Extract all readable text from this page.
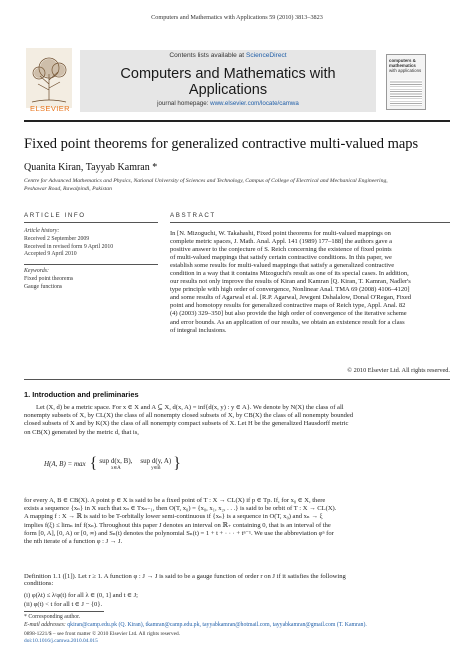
Computers and Mathematics with Applications 59 (2010) 3813–3823
ELSEVIER
Contents lists available at ScienceDirect
Computers and Mathematics with Applications
journal homepage: www.elsevier.com/locate/camwa
computers & mathematics
with applications
Fixed point theorems for generalized contractive multi-valued maps
Quanita Kiran, Tayyab Kamran *
Centre for Advanced Mathematics and Physics, National University of Sciences and Technology, Campus of College of Electrical and Mechanical Engineering,
Peshawar Road, Rawalpindi, Pakistan
ARTICLE INFO
Article history:
Received 2 September 2009
Received in revised form 9 April 2010
Accepted 9 April 2010
Keywords:
Fixed point theorems
Gauge functions
ABSTRACT
In [N. Mizoguchi, W. Takahashi, Fixed point theorems for multi-valued mappings on
complete metric spaces, J. Math. Anal. Appl. 141 (1989) 177–188] the authors gave a
positive answer to the conjecture of S. Reich concerning the existence of fixed points
of multi-valued mappings that satisfy certain contractive conditions. In this paper, we
establish some results for multi-valued mappings that satisfy a generalized contractive
condition in a way that it contains Mizoguchi's result as one of its special cases. In addition,
our results not only improve the results of Kiran and Kamran [Q. Kiran, T. Kamran, Nadler's
type principle with high order of convergence, Nonlinear Anal. TMA 69 (2008) 4106–4120]
and some results of Agarwal et al. [R.P. Agarwal, Jewgeni Dshalalow, Donal O'Regan, Fixed
point and homotopy results for generalized contractive maps of Reich type, Appl. Anal. 82
(4) (2003) 329–350] but also provide the high order of convergence of the iterative scheme
and error bounds. As an application of our results, we obtain an existence result for a class
of integral inclusions.
© 2010 Elsevier Ltd. All rights reserved.
1. Introduction and preliminaries
Let (X, d) be a metric space. For x ∈ X and A ⊆ X, d(x, A) = inf{d(x, y) : y ∈ A}. We denote by N(X) the class of all
nonempty subsets of X, by CL(X) the class of all nonempty closed subsets of X, by CB(X) the class of all nonempty bounded
closed subsets of X and by K(X) the class of all nonempty compact subsets of X. Let H be the generalized Hausdorff metric
on CB(X) generated by the metric d, that is,
H(A, B) = max { sup d(x, B),
x∈A
sup d(y, A)
y∈B }
for every A, B ∈ CB(X). A point p ∈ X is said to be a fixed point of T : X → CL(X) if p ∈ Tp. If, for x₀ ∈ X, there
exists a sequence {xₙ} in X such that xₙ ∈ Txₙ₋₁, then O(T, x₀) = {x₀, x₁, x₂, . . .} is said to be orbit of T : X → CL(X).
A mapping f : X → ℝ is said to be T-orbitally lower semi-continuous if {xₙ} is a sequence in O(T, x₀) and xₙ → ξ
implies f(ξ) ≤ limₙ inf f(xₙ). Throughout this paper J denotes an interval on ℝ₊ containing 0, that is an interval of the
form [0, A], [0, A) or [0, ∞) and Sₙ(t) denotes the polynomial Sₙ(t) = 1 + t + · · · + tⁿ⁻¹. We use the abbreviation φⁿ for
the nth iterate of a function φ : J → J.
Definition 1.1 ([1]). Let r ≥ 1. A function φ : J → J is said to be a gauge function of order r on J if it satisfies the following
conditions:
(i) φ(λt) ≤ λʳφ(t) for all λ ∈ (0, 1] and t ∈ J;
(ii) φ(t) < t for all t ∈ J − {0}.
* Corresponding author.
E-mail addresses: qkiran@camp.edu.pk (Q. Kiran), tkamran@camp.edu.pk, tayyabkamran@hotmail.com, tayyabkamran@gmail.com (T. Kamran).
0898-1221/$ – see front matter © 2010 Elsevier Ltd. All rights reserved.
doi:10.1016/j.camwa.2010.04.015
